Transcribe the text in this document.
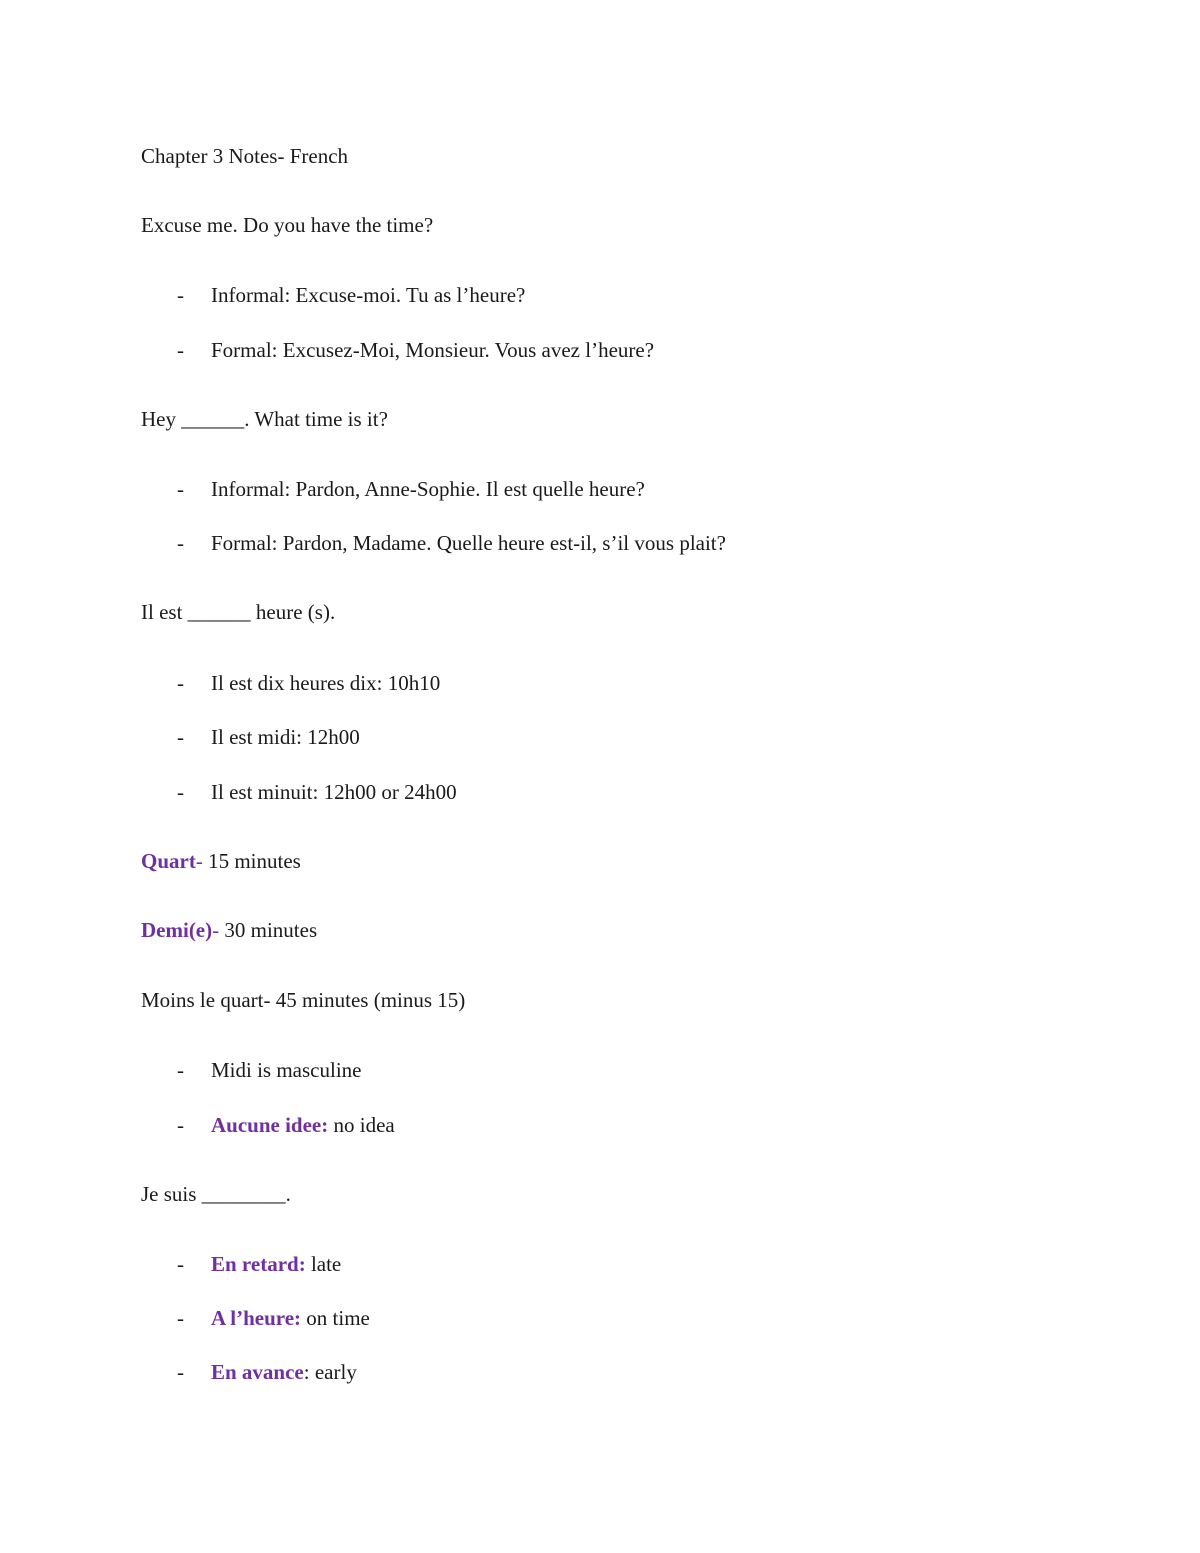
Chapter 3 Notes- French
Excuse me. Do you have the time?
- Informal: Excuse-moi. Tu as l’heure?
- Formal: Excusez-Moi, Monsieur. Vous avez l’heure?
Hey ______. What time is it?
- Informal: Pardon, Anne-Sophie. Il est quelle heure?
- Formal: Pardon, Madame. Quelle heure est-il, s’il vous plait?
Il est ______ heure (s).
- Il est dix heures dix: 10h10
- Il est midi: 12h00
- Il est minuit: 12h00 or 24h00
Quart- 15 minutes
Demi(e)- 30 minutes
Moins le quart- 45 minutes (minus 15)
- Midi is masculine
- Aucune idee: no idea
Je suis ________.
- En retard: late
- A l’heure: on time
- En avance: early
